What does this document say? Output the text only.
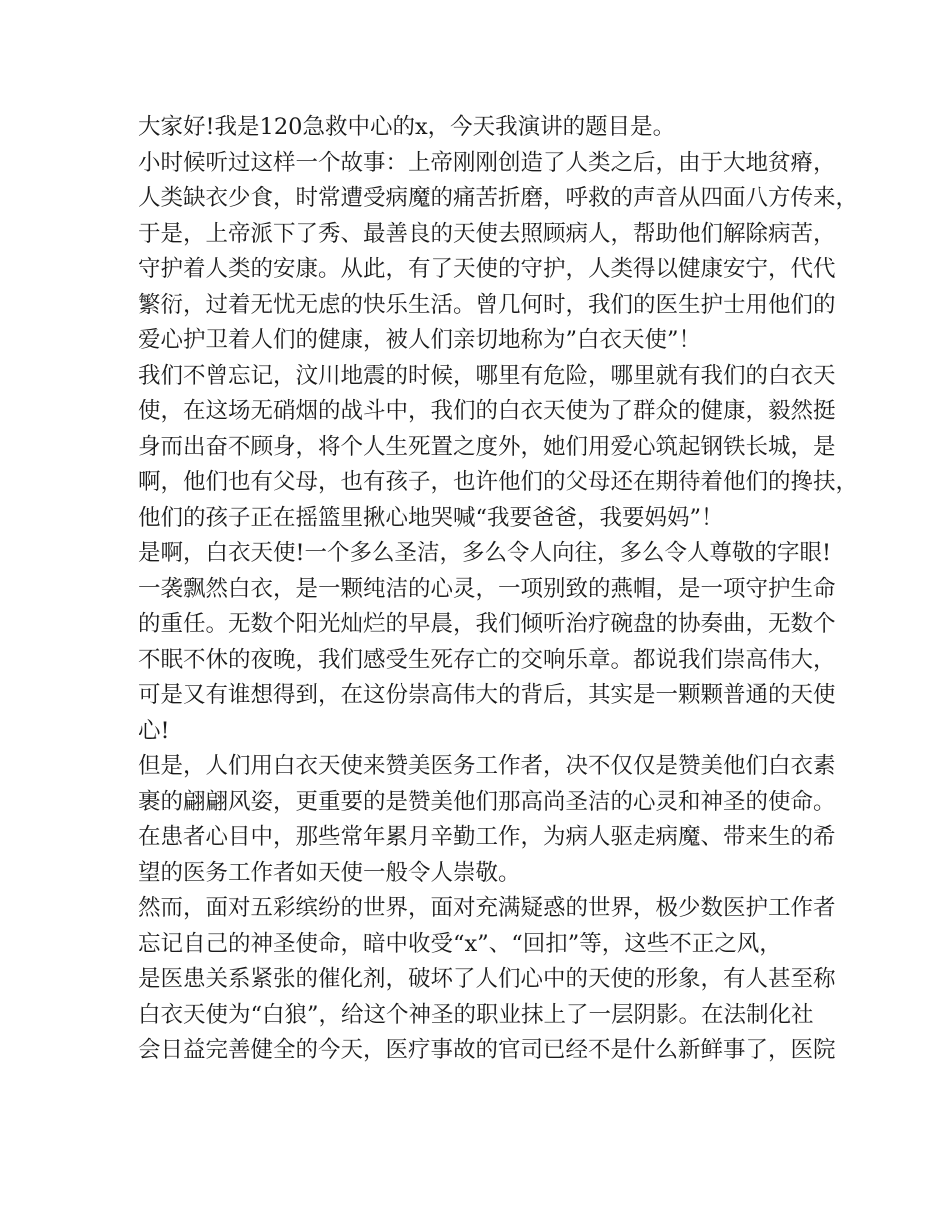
大家好!我是120急救中心的x，今天我演讲的题目是。
小时候听过这样一个故事：上帝刚刚创造了人类之后，由于大地贫瘠，
人类缺衣少食，时常遭受病魔的痛苦折磨，呼救的声音从四面八方传来，
于是，上帝派下了秀、最善良的天使去照顾病人，帮助他们解除病苦，
守护着人类的安康。从此，有了天使的守护，人类得以健康安宁，代代
繁衍，过着无忧无虑的快乐生活。曾几何时，我们的医生护士用他们的
爱心护卫着人们的健康，被人们亲切地称为”白衣天使”！
我们不曾忘记，汶川地震的时候，哪里有危险，哪里就有我们的白衣天
使，在这场无硝烟的战斗中，我们的白衣天使为了群众的健康，毅然挺
身而出奋不顾身，将个人生死置之度外，她们用爱心筑起钢铁长城，是
啊，他们也有父母，也有孩子，也许他们的父母还在期待着他们的搀扶，
他们的孩子正在摇篮里揪心地哭喊“我要爸爸，我要妈妈”！
是啊，白衣天使!一个多么圣洁，多么令人向往，多么令人尊敬的字眼!
一袭飘然白衣，是一颗纯洁的心灵，一项别致的燕帽，是一项守护生命
的重任。无数个阳光灿烂的早晨，我们倾听治疗碗盘的协奏曲，无数个
不眠不休的夜晚，我们感受生死存亡的交响乐章。都说我们崇高伟大，
可是又有谁想得到，在这份崇高伟大的背后，其实是一颗颗普通的天使
心!
但是，人们用白衣天使来赞美医务工作者，决不仅仅是赞美他们白衣素
裹的翩翩风姿，更重要的是赞美他们那高尚圣洁的心灵和神圣的使命。
在患者心目中，那些常年累月辛勤工作，为病人驱走病魔、带来生的希
望的医务工作者如天使一般令人崇敬。
然而，面对五彩缤纷的世界，面对充满疑惑的世界，极少数医护工作者
忘记自己的神圣使命，暗中收受“x”、“回扣”等，这些不正之风，
是医患关系紧张的催化剂，破坏了人们心中的天使的形象，有人甚至称
白衣天使为“白狼”，给这个神圣的职业抹上了一层阴影。在法制化社
会日益完善健全的今天，医疗事故的官司已经不是什么新鲜事了，医院
